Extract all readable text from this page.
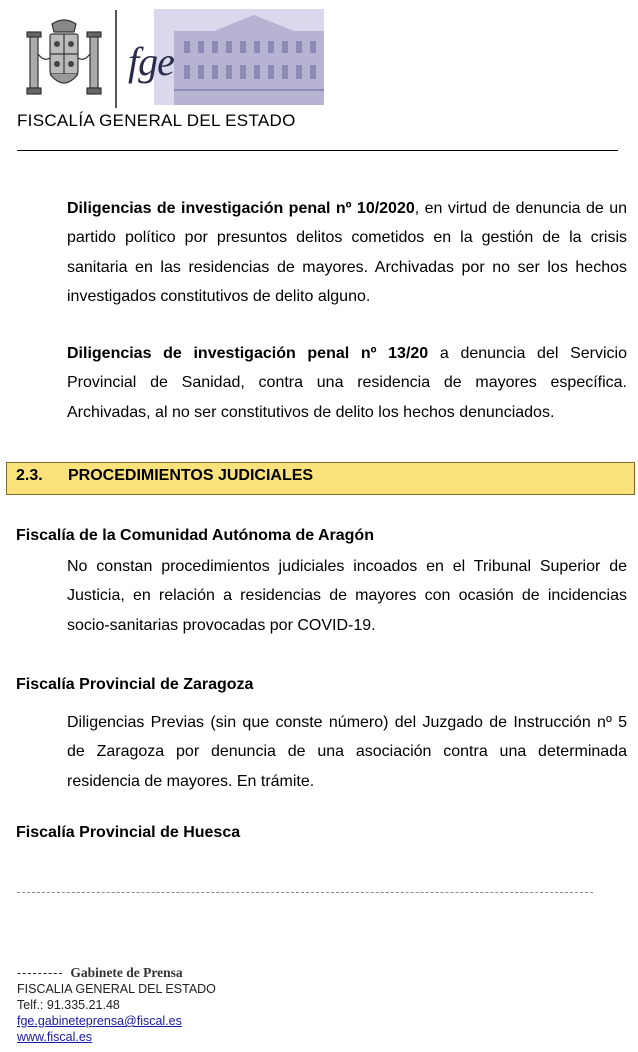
fge
FISCALÍA GENERAL DEL ESTADO
Diligencias de investigación penal nº 10/2020, en virtud de denuncia de un partido político por presuntos delitos cometidos en la gestión de la crisis sanitaria en las residencias de mayores. Archivadas por no ser los hechos investigados constitutivos de delito alguno.
Diligencias de investigación penal nº 13/20 a denuncia del Servicio Provincial de Sanidad, contra una residencia de mayores específica. Archivadas, al no ser constitutivos de delito los hechos denunciados.
2.3. PROCEDIMIENTOS JUDICIALES
Fiscalía de la Comunidad Autónoma de Aragón
No constan procedimientos judiciales incoados en el Tribunal Superior de Justicia, en relación a residencias de mayores con ocasión de incidencias socio-sanitarias provocadas por COVID-19.
Fiscalía Provincial de Zaragoza
Diligencias Previas (sin que conste número) del Juzgado de Instrucción nº 5 de Zaragoza por denuncia de una asociación contra una determinada residencia de mayores. En trámite.
Fiscalía Provincial de Huesca
--------- Gabinete de Prensa
FISCALIA GENERAL DEL ESTADO
Telf.: 91.335.21.48
fge.gabineteprensa@fiscal.es
www.fiscal.es
